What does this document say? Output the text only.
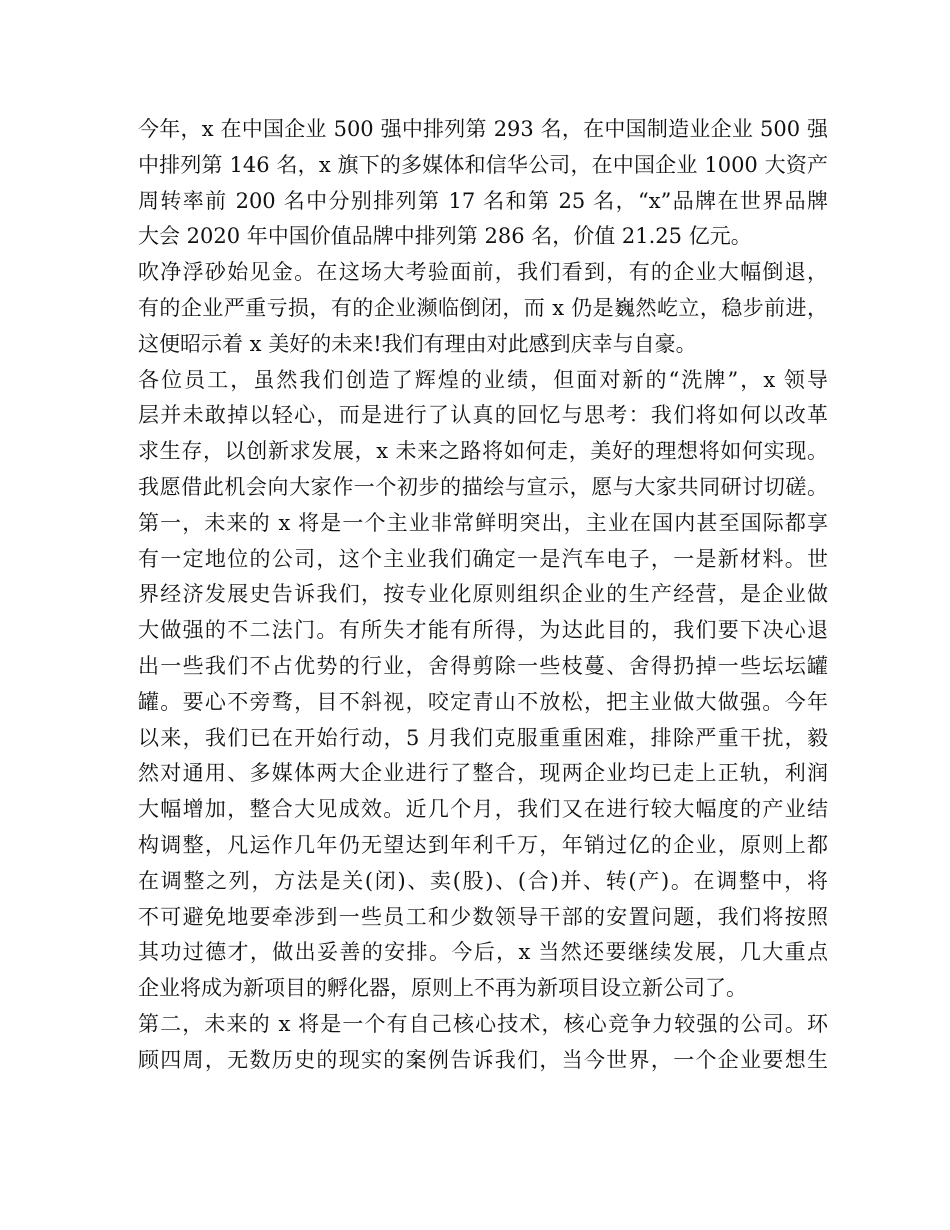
今年，x 在中国企业 500 强中排列第 293 名，在中国制造业企业 500 强
中排列第 146 名，x 旗下的多媒体和信华公司，在中国企业 1000 大资产
周转率前 200 名中分别排列第 17 名和第 25 名，“x”品牌在世界品牌
大会 2020 年中国价值品牌中排列第 286 名，价值 21.25 亿元。
吹净浮砂始见金。在这场大考验面前，我们看到，有的企业大幅倒退，
有的企业严重亏损，有的企业濒临倒闭，而 x 仍是巍然屹立，稳步前进，
这便昭示着 x 美好的未来!我们有理由对此感到庆幸与自豪。
各位员工，虽然我们创造了辉煌的业绩，但面对新的“洗牌”，x 领导
层并未敢掉以轻心，而是进行了认真的回忆与思考：我们将如何以改革
求生存，以创新求发展，x 未来之路将如何走，美好的理想将如何实现。
我愿借此机会向大家作一个初步的描绘与宣示，愿与大家共同研讨切磋。
第一，未来的 x 将是一个主业非常鲜明突出，主业在国内甚至国际都享
有一定地位的公司，这个主业我们确定一是汽车电子，一是新材料。世
界经济发展史告诉我们，按专业化原则组织企业的生产经营，是企业做
大做强的不二法门。有所失才能有所得，为达此目的，我们要下决心退
出一些我们不占优势的行业，舍得剪除一些枝蔓、舍得扔掉一些坛坛罐
罐。要心不旁骛，目不斜视，咬定青山不放松，把主业做大做强。今年
以来，我们已在开始行动，5 月我们克服重重困难，排除严重干扰，毅
然对通用、多媒体两大企业进行了整合，现两企业均已走上正轨，利润
大幅增加，整合大见成效。近几个月，我们又在进行较大幅度的产业结
构调整，凡运作几年仍无望达到年利千万，年销过亿的企业，原则上都
在调整之列，方法是关(闭)、卖(股)、(合)并、转(产)。在调整中，将
不可避免地要牵涉到一些员工和少数领导干部的安置问题，我们将按照
其功过德才，做出妥善的安排。今后，x 当然还要继续发展，几大重点
企业将成为新项目的孵化器，原则上不再为新项目设立新公司了。
第二，未来的 x 将是一个有自己核心技术，核心竞争力较强的公司。环
顾四周，无数历史的现实的案例告诉我们，当今世界，一个企业要想生
